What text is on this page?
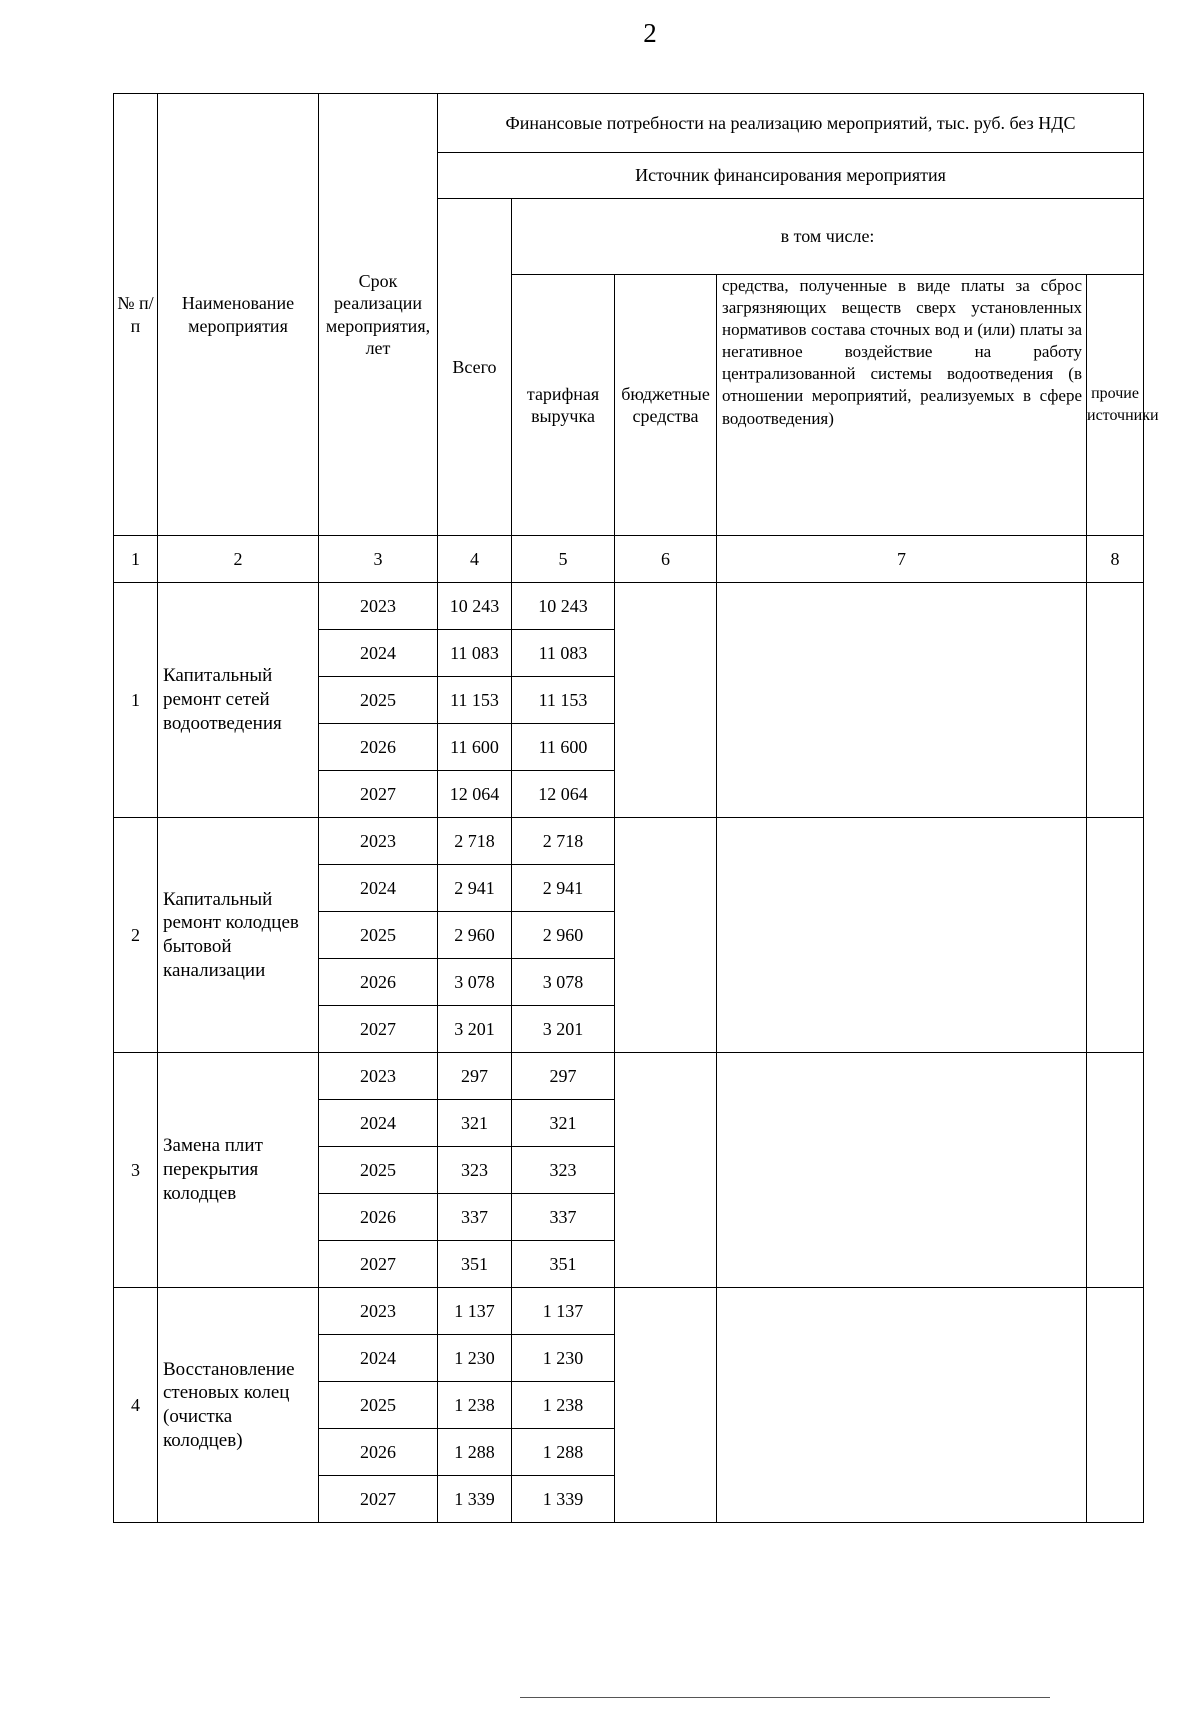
2
№ п/п	Наименование мероприятия	Срок реализации мероприятия, лет	Финансовые потребности на реализацию мероприятий, тыс. руб. без НДС				
			Источник финансирования мероприятия				
			Всего	в том числе:			
				тарифная выручка	бюджетные средства	средства, полученные в виде платы за сброс загрязняющих веществ сверх установленных нормативов состава сточных вод и (или) платы за негативное воздействие на работу централизованной системы водоотведения (в отношении мероприятий, реализуемых в сфере водоотведения)	прочие источники
1	2	3	4	5	6	7	8
1	Капитальный ремонт сетей водоотведения	2023	10 243	10 243			
		2024	11 083	11 083			
		2025	11 153	11 153			
		2026	11 600	11 600			
		2027	12 064	12 064			
2	Капитальный ремонт колодцев бытовой канализации	2023	2 718	2 718			
		2024	2 941	2 941			
		2025	2 960	2 960			
		2026	3 078	3 078			
		2027	3 201	3 201			
3	Замена плит перекрытия колодцев	2023	297	297			
		2024	321	321			
		2025	323	323			
		2026	337	337			
		2027	351	351			
4	Восстановление стеновых колец (очистка колодцев)	2023	1 137	1 137			
		2024	1 230	1 230			
		2025	1 238	1 238			
		2026	1 288	1 288			
		2027	1 339	1 339			
